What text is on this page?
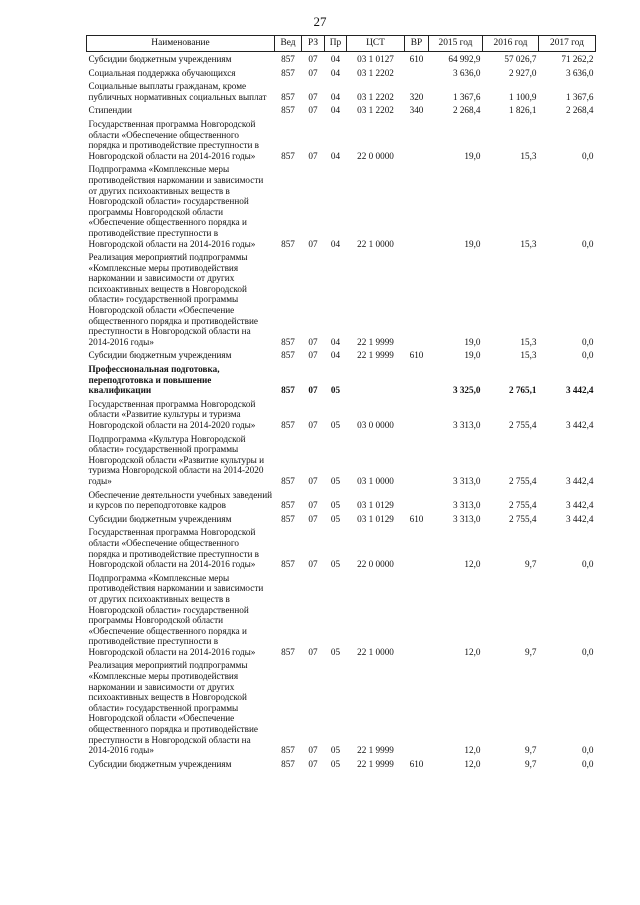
27
Наименование	Вед	РЗ	Пр	ЦСТ	ВР	2015 год	2016 год	2017 год
Субсидии бюджетным учреждениям	857	07	04	03 1 0127	610	64 992,9	57 026,7	71 262,2
Социальная поддержка обучающихся	857	07	04	03 1 2202		3 636,0	2 927,0	3 636,0
Социальные выплаты гражданам, кроме публичных нормативных социальных выплат	857	07	04	03 1 2202	320	1 367,6	1 100,9	1 367,6
Стипендии	857	07	04	03 1 2202	340	2 268,4	1 826,1	2 268,4
Государственная программа Новгородской области «Обеспечение общественного порядка и противодействие преступности в Новгородской области на 2014-2016 годы»	857	07	04	22 0 0000		19,0	15,3	0,0
Подпрограмма «Комплексные меры противодействия наркомании и зависимости от других психоактивных веществ в Новгородской области» государственной программы Новгородской области «Обеспечение общественного порядка и противодействие преступности в Новгородской области на 2014-2016 годы»	857	07	04	22 1 0000		19,0	15,3	0,0
Реализация мероприятий подпрограммы «Комплексные меры противодействия наркомании и зависимости от других психоактивных веществ в Новгородской области» государственной программы Новгородской области «Обеспечение общественного порядка и противодействие преступности в Новгородской области на 2014-2016 годы»	857	07	04	22 1 9999		19,0	15,3	0,0
Субсидии бюджетным учреждениям	857	07	04	22 1 9999	610	19,0	15,3	0,0
Профессиональная подготовка, переподготовка и повышение квалификации	857	07	05			3 325,0	2 765,1	3 442,4
Государственная программа Новгородской области «Развитие культуры и туризма Новгородской области на 2014-2020 годы»	857	07	05	03 0 0000		3 313,0	2 755,4	3 442,4
Подпрограмма «Культура Новгородской области» государственной программы Новгородской области «Развитие культуры и туризма Новгородской области на 2014-2020 годы»	857	07	05	03 1 0000		3 313,0	2 755,4	3 442,4
Обеспечение деятельности учебных заведений и курсов по переподготовке кадров	857	07	05	03 1 0129		3 313,0	2 755,4	3 442,4
Субсидии бюджетным учреждениям	857	07	05	03 1 0129	610	3 313,0	2 755,4	3 442,4
Государственная программа Новгородской области «Обеспечение общественного порядка и противодействие преступности в Новгородской области на 2014-2016 годы»	857	07	05	22 0 0000		12,0	9,7	0,0
Подпрограмма «Комплексные меры противодействия наркомании и зависимости от других психоактивных веществ в Новгородской области» государственной программы Новгородской области «Обеспечение общественного порядка и противодействие преступности в Новгородской области на 2014-2016 годы»	857	07	05	22 1 0000		12,0	9,7	0,0
Реализация мероприятий подпрограммы «Комплексные меры противодействия наркомании и зависимости от других психоактивных веществ в Новгородской области» государственной программы Новгородской области «Обеспечение общественного порядка и противодействие преступности в Новгородской области на 2014-2016 годы»	857	07	05	22 1 9999		12,0	9,7	0,0
Субсидии бюджетным учреждениям	857	07	05	22 1 9999	610	12,0	9,7	0,0
